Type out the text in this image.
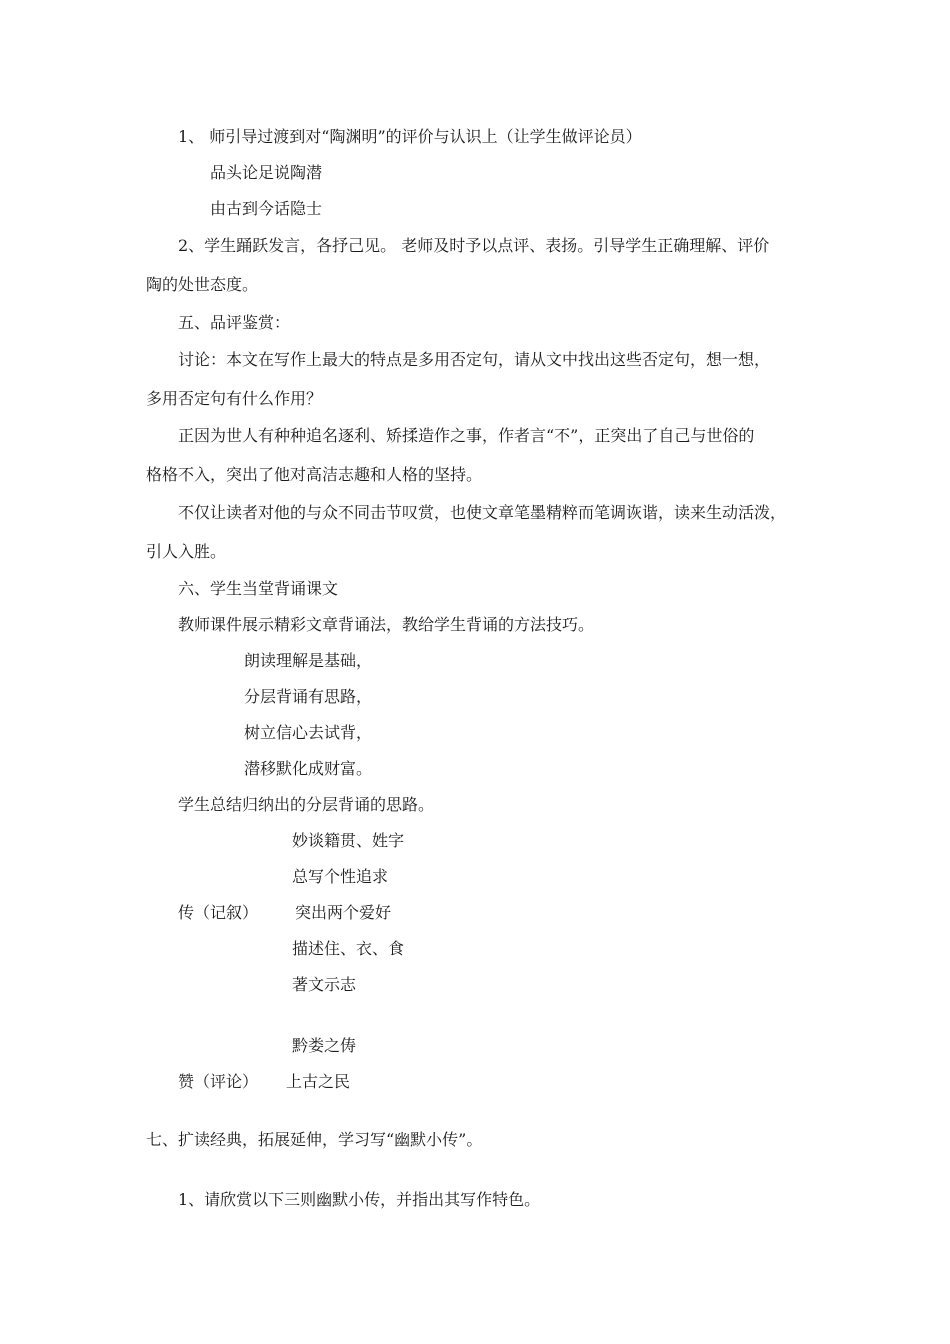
1、 师引导过渡到对“陶渊明”的评价与认识上（让学生做评论员）
品头论足说陶潜
由古到今话隐士
2、学生踊跃发言，各抒己见。 老师及时予以点评、表扬。引导学生正确理解、评价
陶的处世态度。
五、品评鉴赏：
讨论：本文在写作上最大的特点是多用否定句，请从文中找出这些否定句，想一想，
多用否定句有什么作用？
正因为世人有种种追名逐利、矫揉造作之事，作者言“不”，正突出了自己与世俗的
格格不入，突出了他对高洁志趣和人格的坚持。
不仅让读者对他的与众不同击节叹赏，也使文章笔墨精粹而笔调诙谐，读来生动活泼，
引人入胜。
六、学生当堂背诵课文
教师课件展示精彩文章背诵法，教给学生背诵的方法技巧。
朗读理解是基础，
分层背诵有思路，
树立信心去试背，
潜移默化成财富。
学生总结归纳出的分层背诵的思路。
妙谈籍贯、姓字
总写个性追求
传（记叙） 突出两个爱好
描述住、衣、食
著文示志
黔娄之俦
赞（评论） 上古之民
七、扩读经典，拓展延伸，学习写“幽默小传”。
1、请欣赏以下三则幽默小传，并指出其写作特色。
